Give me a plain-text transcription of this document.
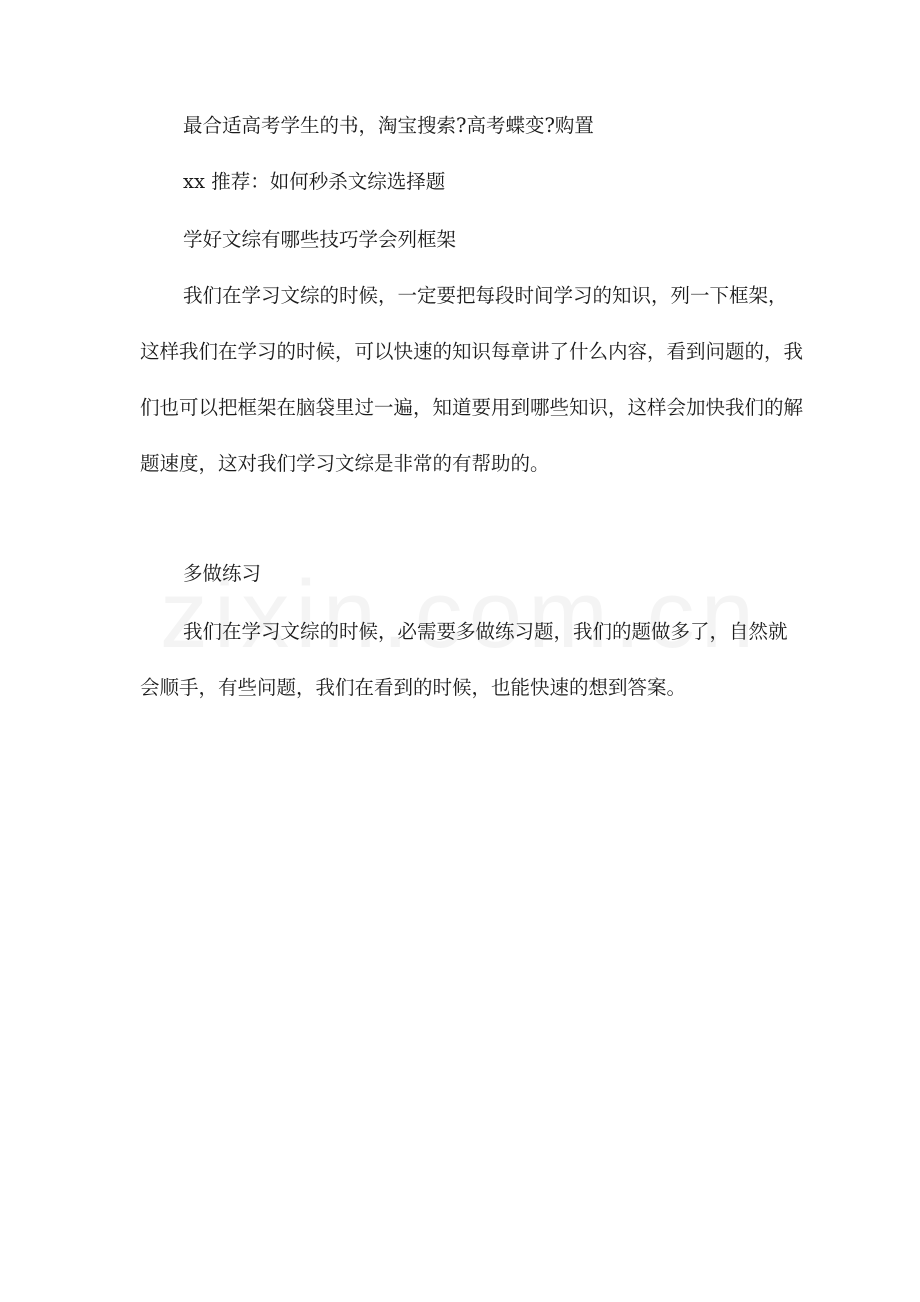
最合适高考学生的书，淘宝搜索?高考蝶变?购置

xx 推荐：如何秒杀文综选择题

学好文综有哪些技巧学会列框架

我们在学习文综的时候，一定要把每段时间学习的知识，列一下框架，这样我们在学习的时候，可以快速的知识每章讲了什么内容，看到问题的，我们也可以把框架在脑袋里过一遍，知道要用到哪些知识，这样会加快我们的解题速度，这对我们学习文综是非常的有帮助的。

多做练习

我们在学习文综的时候，必需要多做练习题，我们的题做多了，自然就会顺手，有些问题，我们在看到的时候，也能快速的想到答案。
